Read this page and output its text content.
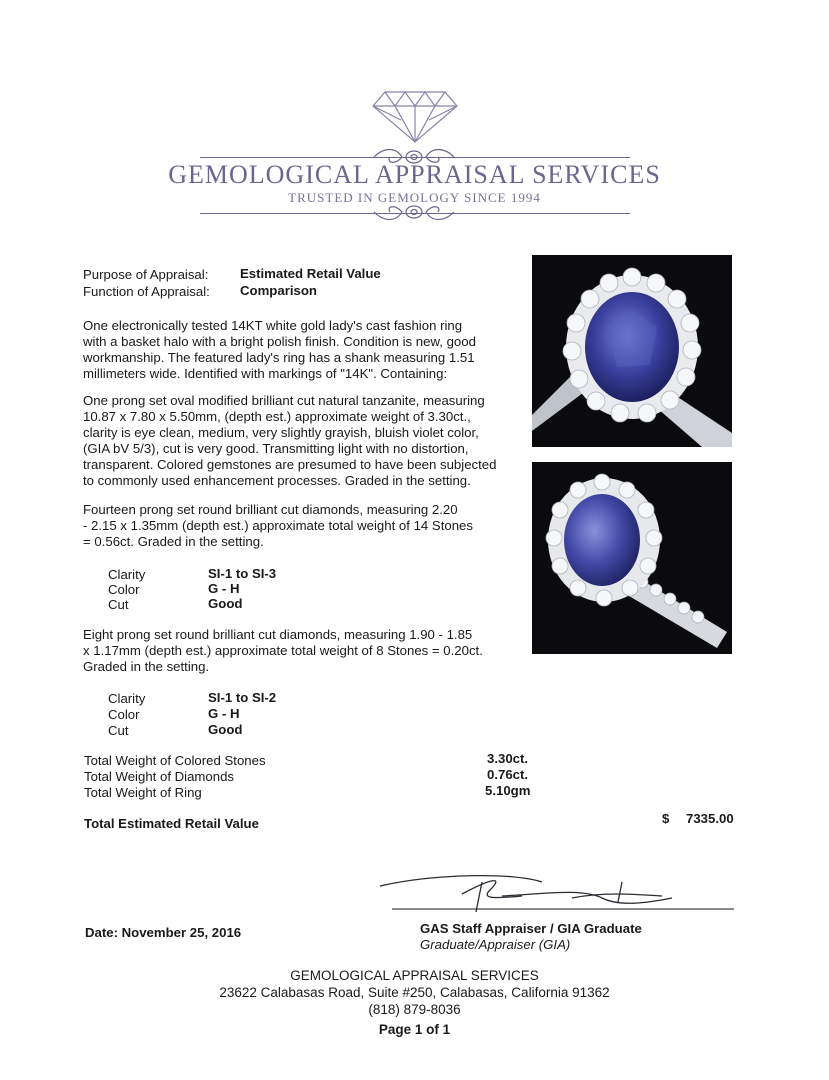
GEMOLOGICAL APPRAISAL SERVICES
TRUSTED IN GEMOLOGY SINCE 1994
Purpose of Appraisal: Estimated Retail Value
Function of Appraisal: Comparison
One electronically tested 14KT white gold lady's cast fashion ring
with a basket halo with a bright polish finish. Condition is new, good
workmanship. The featured lady's ring has a shank measuring 1.51
millimeters wide. Identified with markings of "14K". Containing:
One prong set oval modified brilliant cut natural tanzanite, measuring
10.87 x 7.80 x 5.50mm, (depth est.) approximate weight of 3.30ct.,
clarity is eye clean, medium, very slightly grayish, bluish violet color,
(GIA bV 5/3), cut is very good. Transmitting light with no distortion,
transparent. Colored gemstones are presumed to have been subjected
to commonly used enhancement processes. Graded in the setting.
Fourteen prong set round brilliant cut diamonds, measuring 2.20
- 2.15 x 1.35mm (depth est.) approximate total weight of 14 Stones
= 0.56ct. Graded in the setting.
Clarity	SI-1 to SI-3
Color	G - H
Cut	Good
Eight prong set round brilliant cut diamonds, measuring 1.90 - 1.85
x 1.17mm (depth est.) approximate total weight of 8 Stones = 0.20ct.
Graded in the setting.
Clarity	SI-1 to SI-2
Color	G - H
Cut	Good
Total Weight of Colored Stones	3.30ct.
Total Weight of Diamonds	0.76ct.
Total Weight of Ring	5.10gm
Total Estimated Retail Value	$ 7335.00
Date: November 25, 2016	GAS Staff Appraiser / GIA Graduate
Graduate/Appraiser (GIA)
GEMOLOGICAL APPRAISAL SERVICES
23622 Calabasas Road, Suite #250, Calabasas, California 91362
(818) 879-8036
Page 1 of 1
